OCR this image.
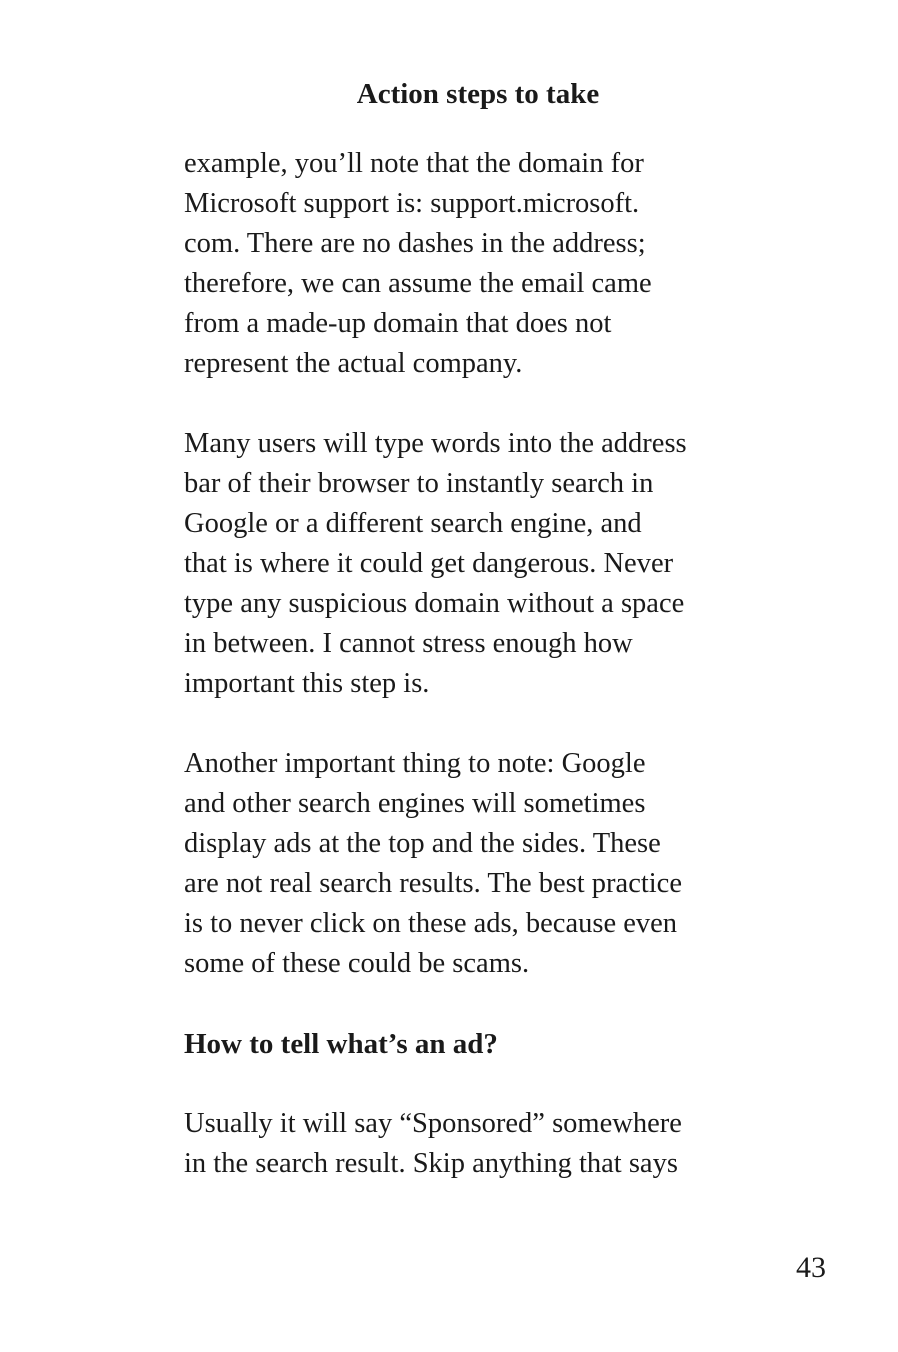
Action steps to take

example, you’ll note that the domain for
Microsoft support is: support.microsoft.
com. There are no dashes in the address;
therefore, we can assume the email came
from a made-up domain that does not
represent the actual company.

Many users will type words into the address
bar of their browser to instantly search in
Google or a different search engine, and
that is where it could get dangerous. Never
type any suspicious domain without a space
in between. I cannot stress enough how
important this step is.

Another important thing to note: Google
and other search engines will sometimes
display ads at the top and the sides. These
are not real search results. The best practice
is to never click on these ads, because even
some of these could be scams.

How to tell what’s an ad?

Usually it will say “Sponsored” somewhere
in the search result. Skip anything that says

43
